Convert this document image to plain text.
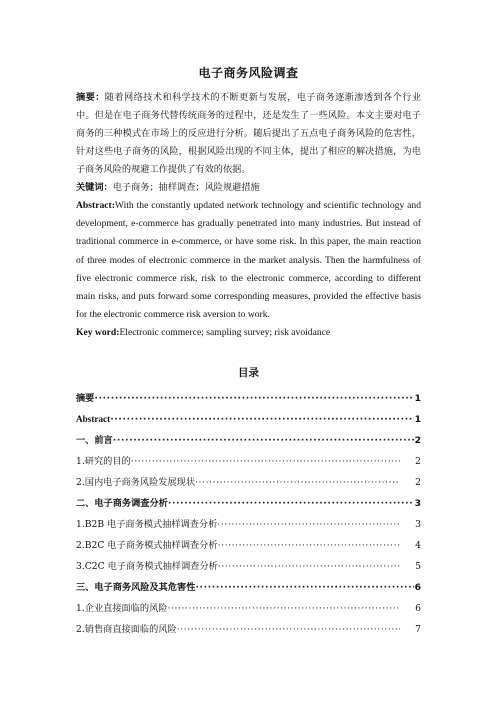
电子商务风险调查

摘要：随着网络技术和科学技术的不断更新与发展，电子商务逐渐渗透到各个行业中。但是在电子商务代替传统商务的过程中，还是发生了一些风险。本文主要对电子商务的三种模式在市场上的反应进行分析。随后提出了五点电子商务风险的危害性，针对这些电子商务的风险，根据风险出现的不同主体，提出了相应的解决措施，为电子商务风险的规避工作提供了有效的依据。

关键词：电子商务；抽样调查；风险规避措施

Abstract:With the constantly updated network technology and scientific technology and development, e-commerce has gradually penetrated into many industries. But instead of traditional commerce in e-commerce, or have some risk. In this paper, the main reaction of three modes of electronic commerce in the market analysis. Then the harmfulness of five electronic commerce risk, risk to the electronic commerce, according to different main risks, and puts forward some corresponding measures, provided the effective basis for the electronic commerce risk aversion to work.

Key word:Electronic commerce; sampling survey; risk avoidance

目录
摘要 ·····	1
Abstract ·····	1
一、前言 ·····	2
1.研究的目的 ·····	2
2.国内电子商务风险发展现状 ·····	2
二、电子商务调查分析 ·····	3
1.B2B 电子商务模式抽样调查分析 ·····	3
2.B2C 电子商务模式抽样调查分析 ·····	4
3.C2C 电子商务模式抽样调查分析 ·····	5
三、电子商务风险及其危害性 ·····	6
1.企业直接面临的风险 ·····	6
2.销售商直接面临的风险 ·····	7
